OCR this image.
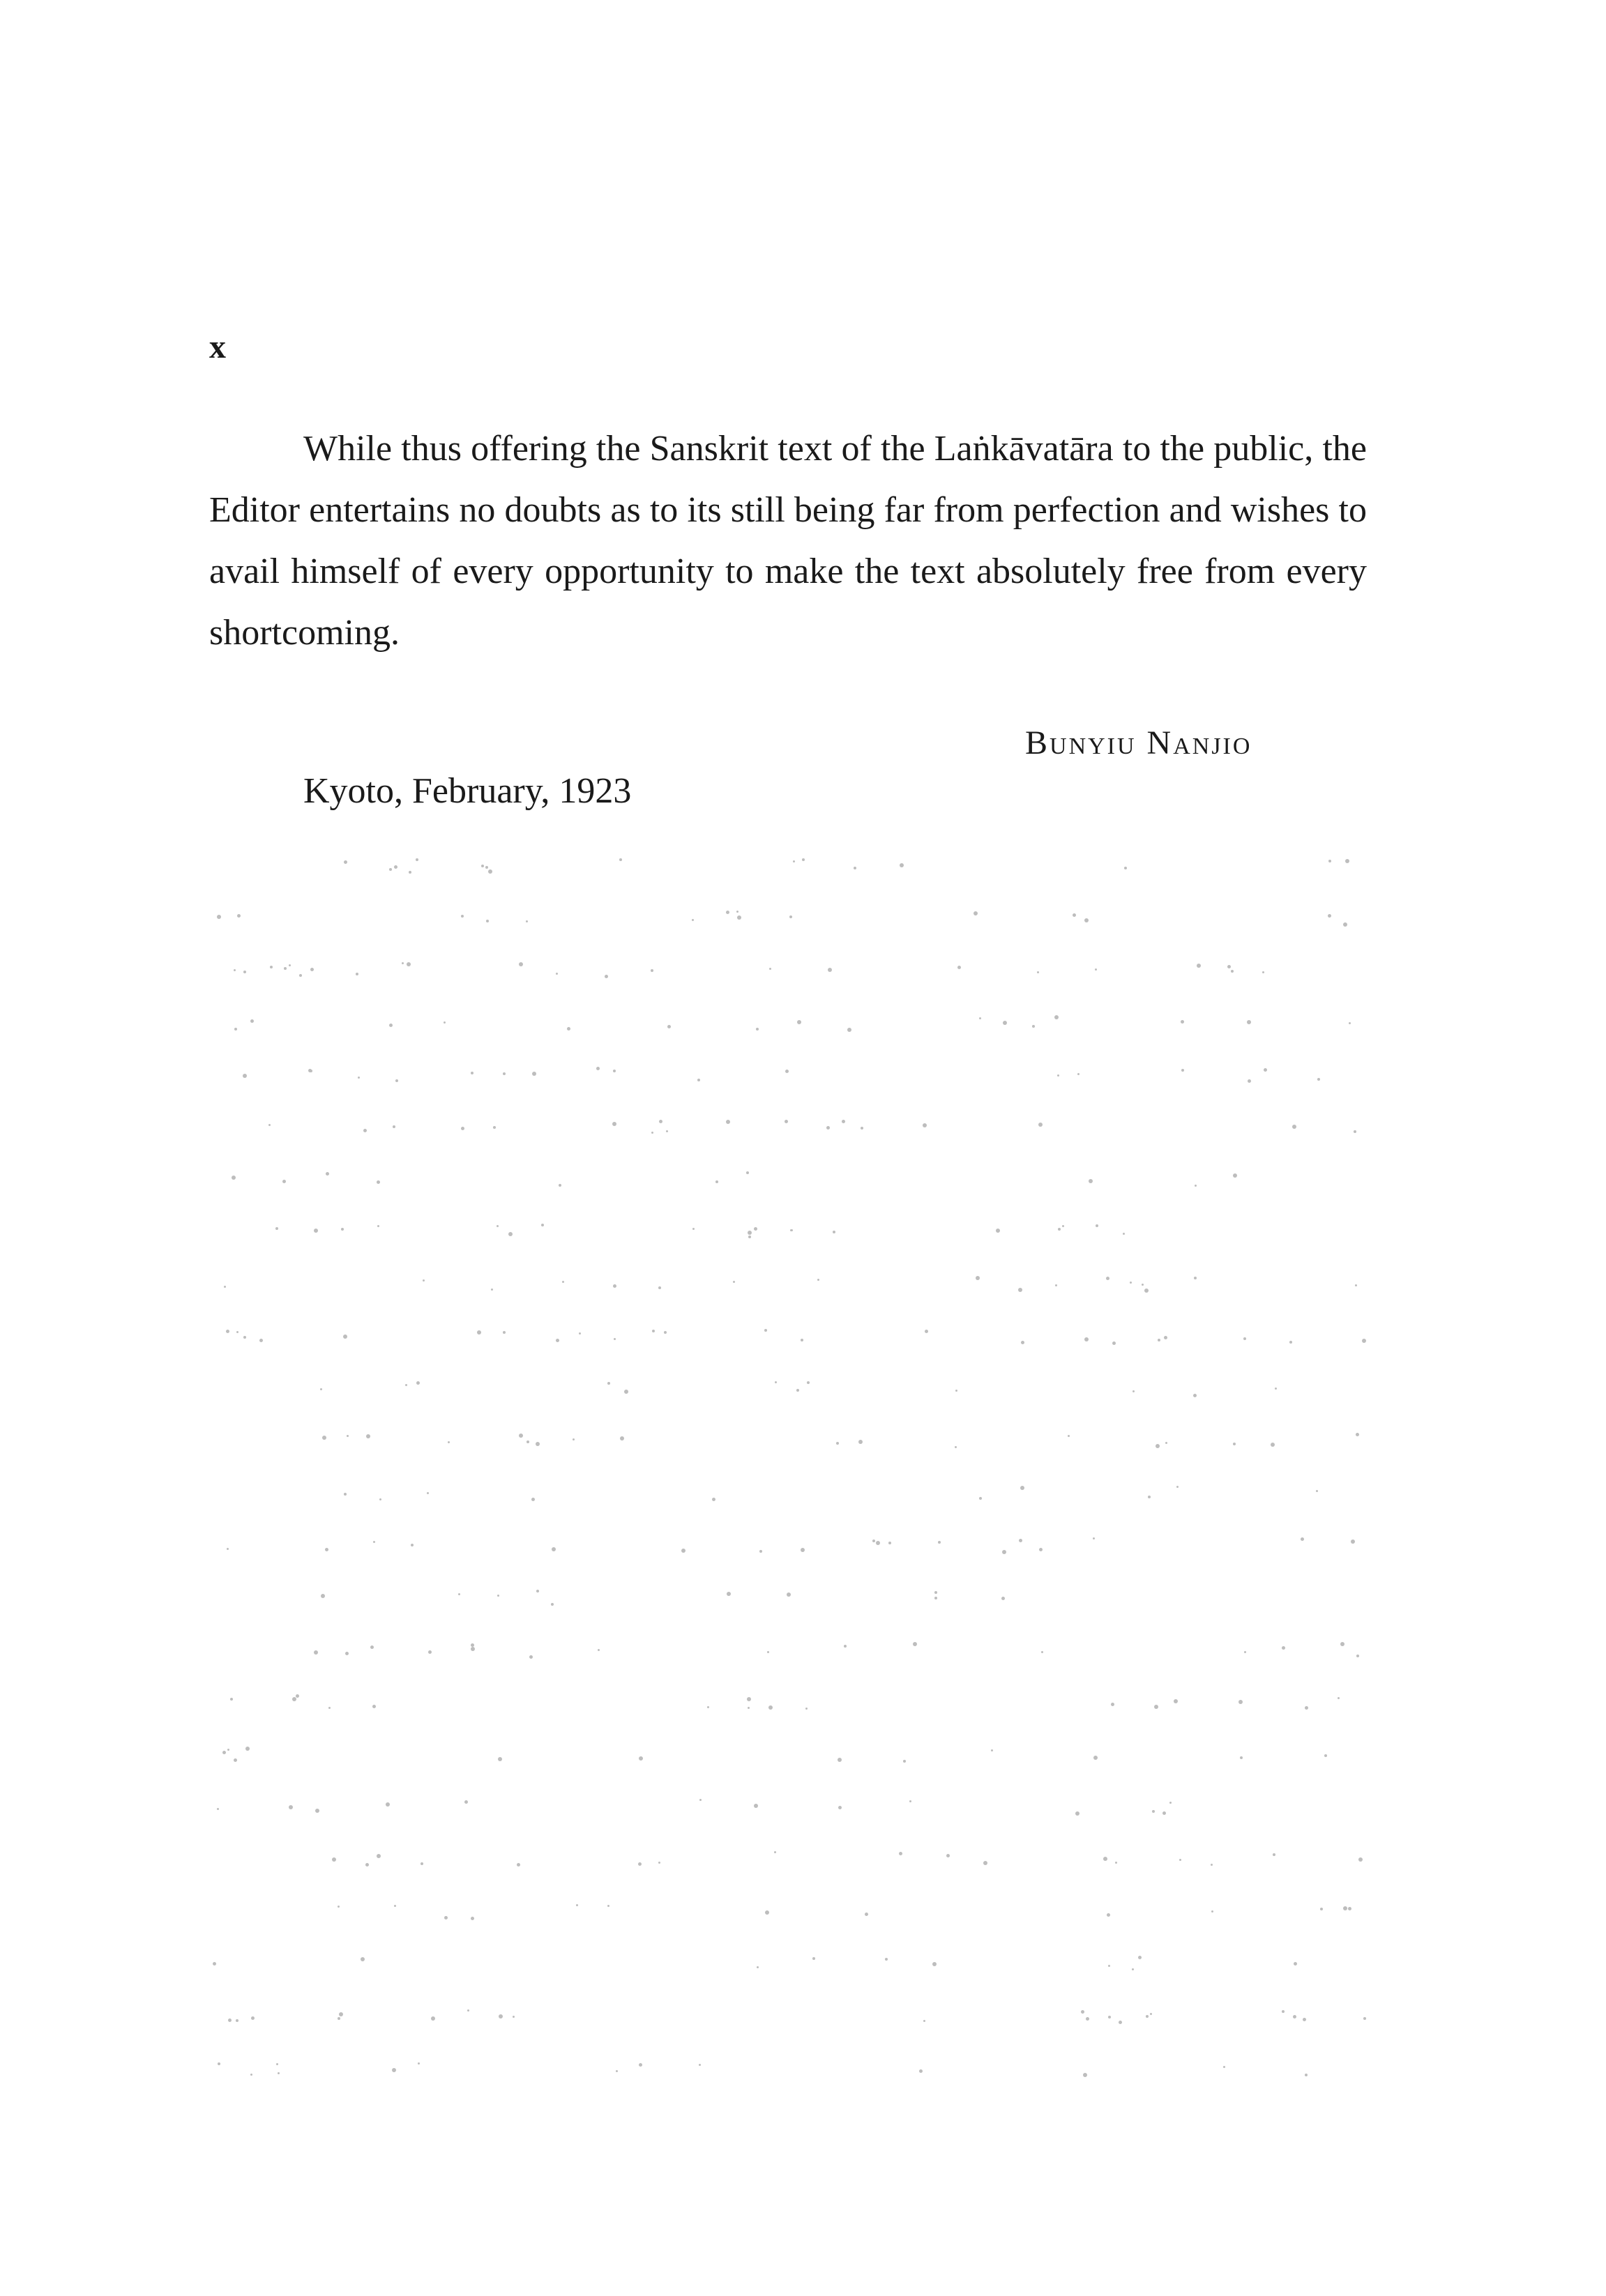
x

While thus offering the Sanskrit text of the Laṅkāvatāra to the public, the Editor entertains no doubts as to its still being far from perfection and wishes to avail himself of every opportunity to make the text absolutely free from every shortcoming.

Bunyiu Nanjio
Kyoto, February, 1923
